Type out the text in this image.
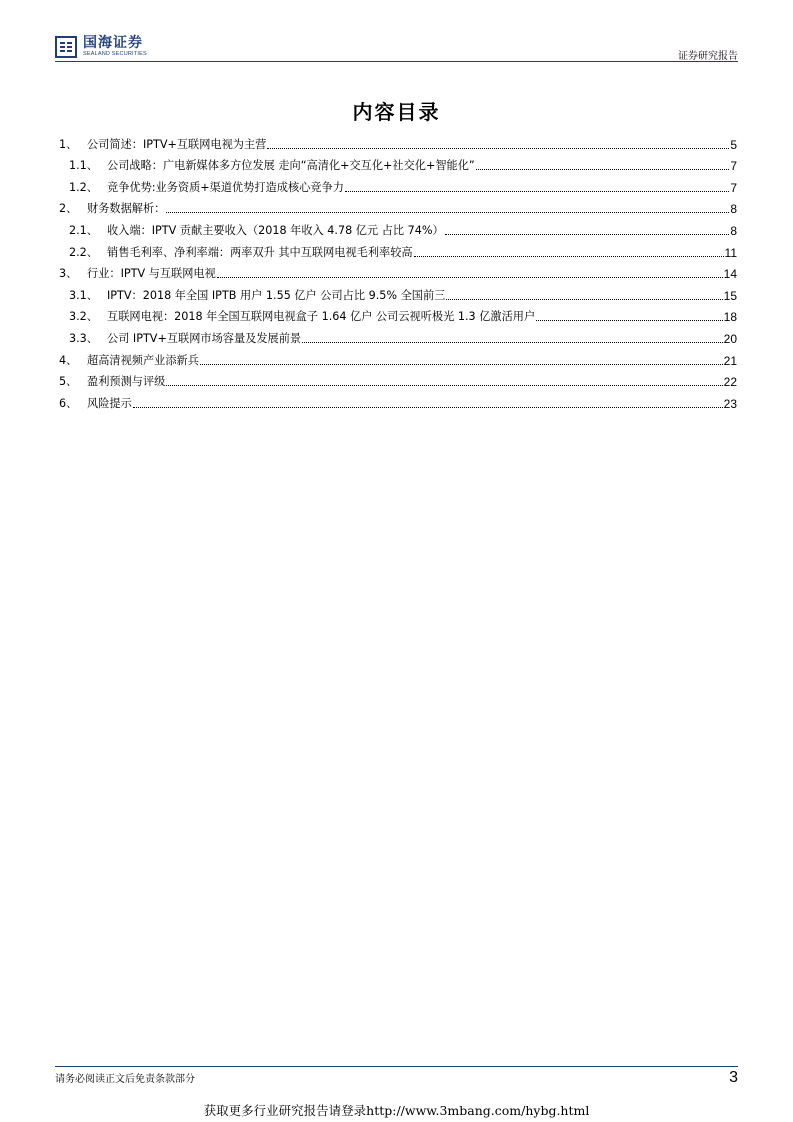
国海证券
SEALAND SECURITIES	证券研究报告
内容目录
1、 公司简述：IPTV+互联网电视为主营	5
1.1、 公司战略：广电新媒体多方位发展 走向“高清化+交互化+社交化+智能化”	7
1.2、 竞争优势:业务资质+渠道优势打造成核心竞争力	7
2、 财务数据解析：	8
2.1、 收入端：IPTV 贡献主要收入（2018 年收入 4.78 亿元 占比 74%）	8
2.2、 销售毛利率、净利率端：两率双升 其中互联网电视毛利率较高	11
3、 行业：IPTV 与互联网电视	14
3.1、 IPTV：2018 年全国 IPTB 用户 1.55 亿户 公司占比 9.5% 全国前三	15
3.2、 互联网电视：2018 年全国互联网电视盒子 1.64 亿户 公司云视听极光 1.3 亿激活用户	18
3.3、 公司 IPTV+互联网市场容量及发展前景	20
4、 超高清视频产业添新兵	21
5、 盈利预测与评级	22
6、 风险提示	23
请务必阅读正文后免责条款部分	3
获取更多行业研究报告请登录http://www.3mbang.com/hybg.html
